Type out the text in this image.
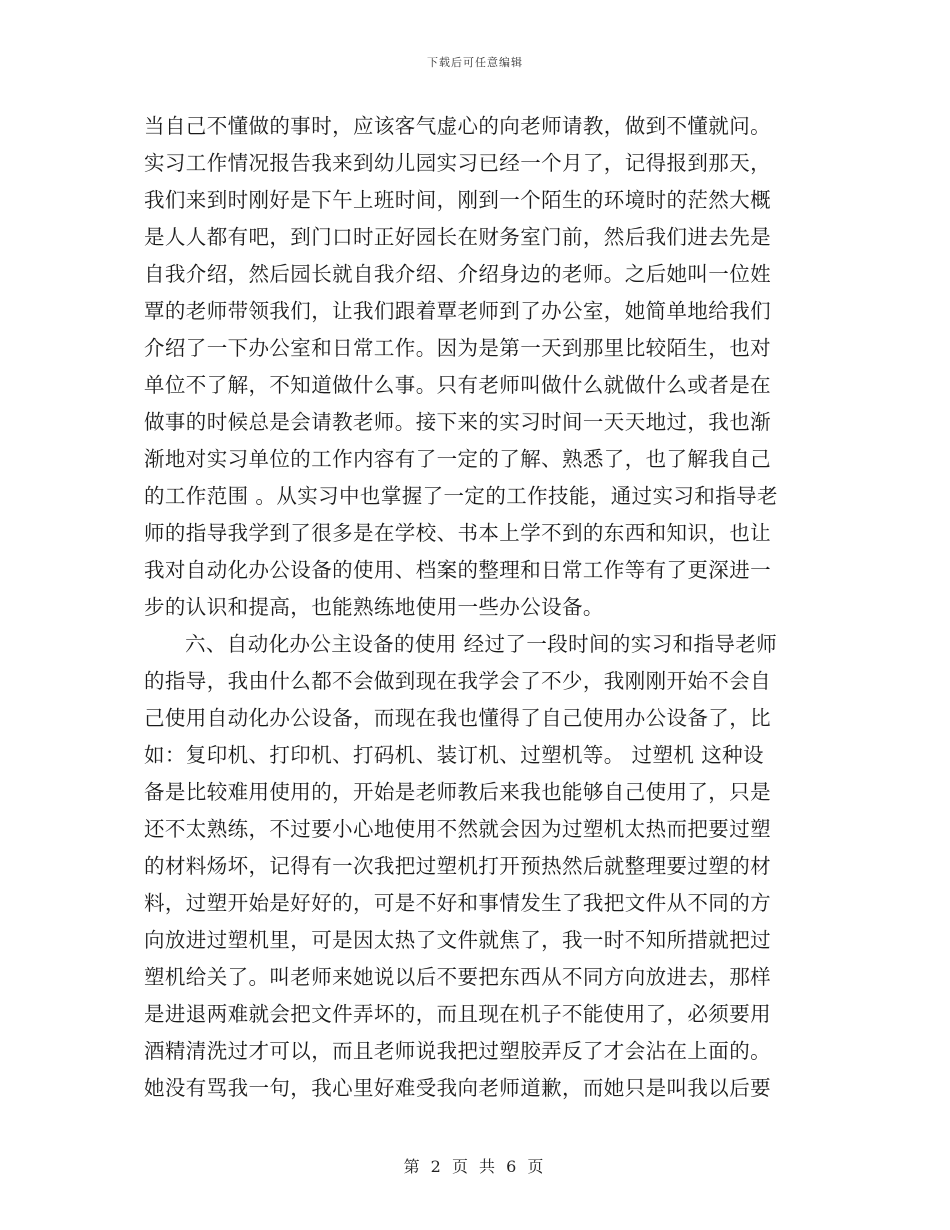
下载后可任意编辑
当自己不懂做的事时，应该客气虚心的向老师请教，做到不懂就问。
实习工作情况报告我来到幼儿园实习已经一个月了，记得报到那天，
我们来到时刚好是下午上班时间，刚到一个陌生的环境时的茫然大概
是人人都有吧，到门口时正好园长在财务室门前，然后我们进去先是
自我介绍，然后园长就自我介绍、介绍身边的老师。之后她叫一位姓
覃的老师带领我们，让我们跟着覃老师到了办公室，她简单地给我们
介绍了一下办公室和日常工作。因为是第一天到那里比较陌生，也对
单位不了解，不知道做什么事。只有老师叫做什么就做什么或者是在
做事的时候总是会请教老师。接下来的实习时间一天天地过，我也渐
渐地对实习单位的工作内容有了一定的了解、熟悉了，也了解我自己
的工作范围 。从实习中也掌握了一定的工作技能，通过实习和指导老
师的指导我学到了很多是在学校、书本上学不到的东西和知识，也让
我对自动化办公设备的使用、档案的整理和日常工作等有了更深进一
步的认识和提高，也能熟练地使用一些办公设备。
六、自动化办公主设备的使用 经过了一段时间的实习和指导老师
的指导，我由什么都不会做到现在我学会了不少，我刚刚开始不会自
己使用自动化办公设备，而现在我也懂得了自己使用办公设备了，比
如：复印机、打印机、打码机、装订机、过塑机等。 过塑机 这种设
备是比较难用使用的，开始是老师教后来我也能够自己使用了，只是
还不太熟练，不过要小心地使用不然就会因为过塑机太热而把要过塑
的材料炀坏，记得有一次我把过塑机打开预热然后就整理要过塑的材
料，过塑开始是好好的，可是不好和事情发生了我把文件从不同的方
向放进过塑机里，可是因太热了文件就焦了，我一时不知所措就把过
塑机给关了。叫老师来她说以后不要把东西从不同方向放进去，那样
是进退两难就会把文件弄坏的，而且现在机子不能使用了，必须要用
酒精清洗过才可以，而且老师说我把过塑胶弄反了才会沾在上面的。
她没有骂我一句，我心里好难受我向老师道歉，而她只是叫我以后要
第 2 页 共 6 页
